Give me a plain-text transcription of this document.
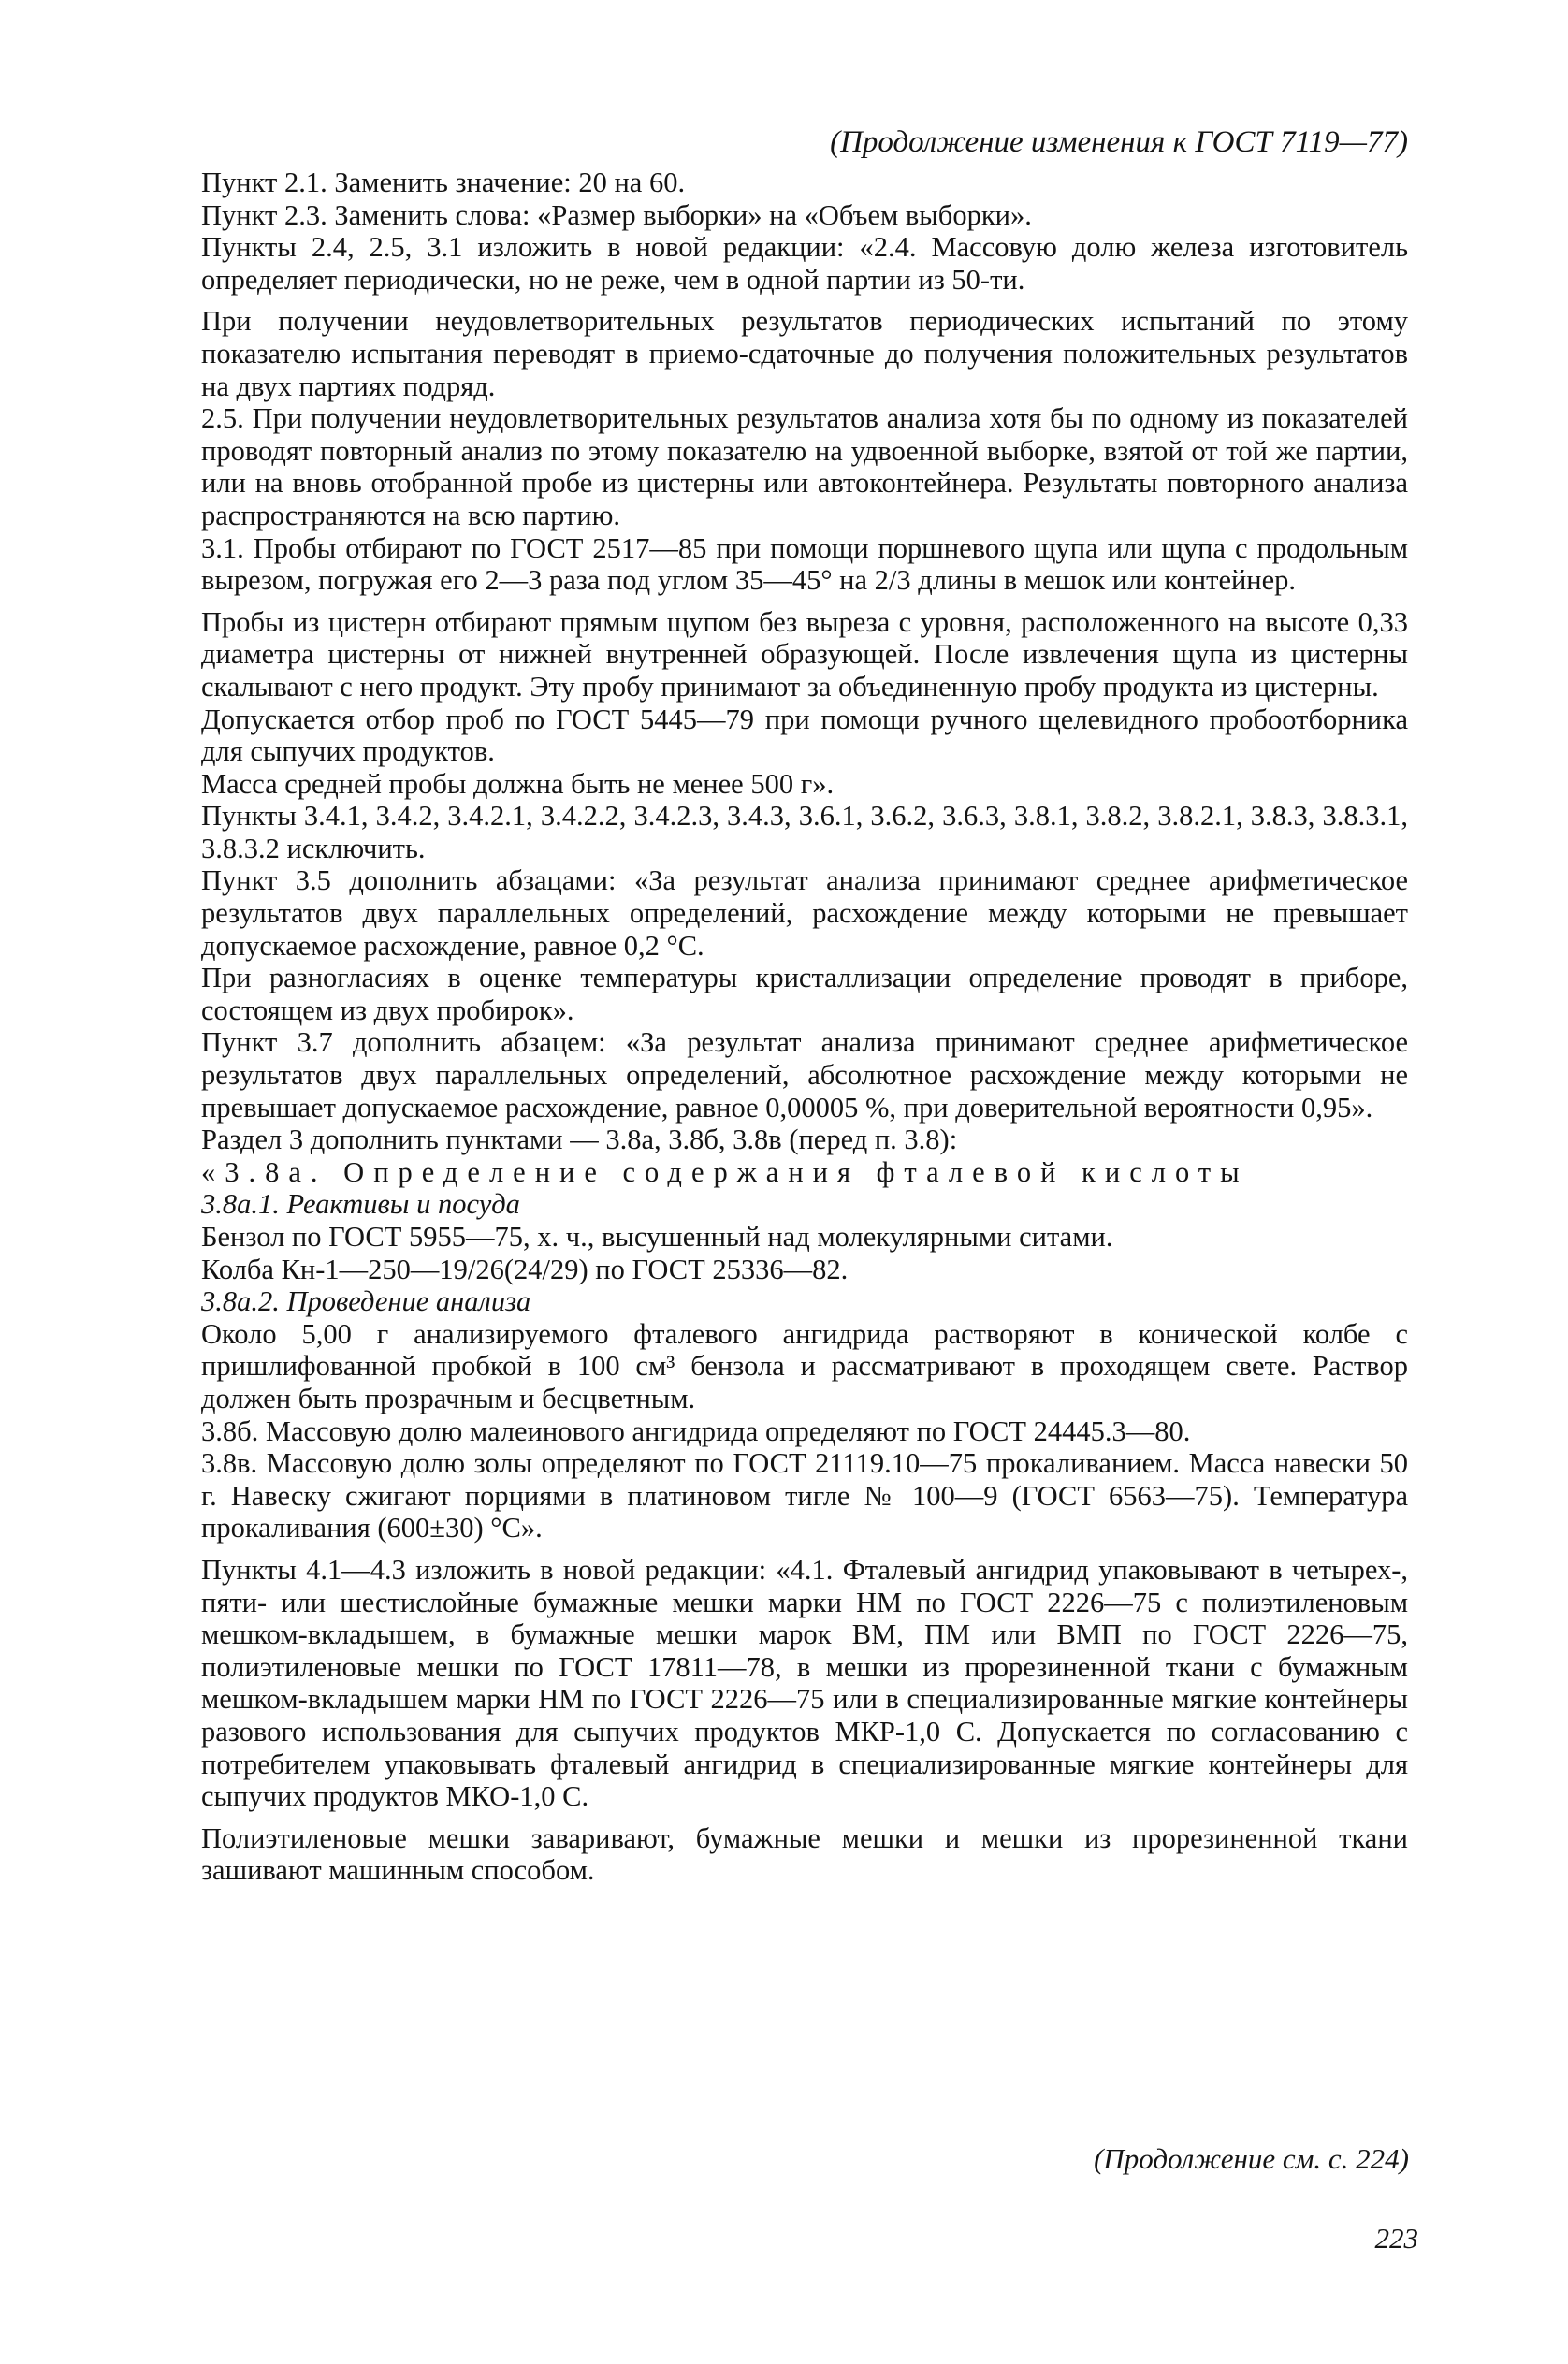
(Продолжение изменения к ГОСТ 7119—77)

Пункт 2.1. Заменить значение: 20 на 60.

Пункт 2.3. Заменить слова: «Размер выборки» на «Объем выборки».

Пункты 2.4, 2.5, 3.1 изложить в новой редакции: «2.4. Массовую долю железа изготовитель определяет периодически, но не реже, чем в одной партии из 50-ти.

При получении неудовлетворительных результатов периодических испытаний по этому показателю испытания переводят в приемо-сдаточные до получения положительных результатов на двух партиях подряд.

2.5. При получении неудовлетворительных результатов анализа хотя бы по одному из показателей проводят повторный анализ по этому показателю на удвоенной выборке, взятой от той же партии, или на вновь отобранной пробе из цистерны или автоконтейнера. Результаты повторного анализа распространяются на всю партию.

3.1. Пробы отбирают по ГОСТ 2517—85 при помощи поршневого щупа или щупа с продольным вырезом, погружая его 2—3 раза под углом 35—45° на 2/3 длины в мешок или контейнер.

Пробы из цистерн отбирают прямым щупом без выреза с уровня, расположенного на высоте 0,33 диаметра цистерны от нижней внутренней образующей. После извлечения щупа из цистерны скалывают с него продукт. Эту пробу принимают за объединенную пробу продукта из цистерны.

Допускается отбор проб по ГОСТ 5445—79 при помощи ручного щелевидного пробоотборника для сыпучих продуктов.

Масса средней пробы должна быть не менее 500 г».

Пункты 3.4.1, 3.4.2, 3.4.2.1, 3.4.2.2, 3.4.2.3, 3.4.3, 3.6.1, 3.6.2, 3.6.3, 3.8.1, 3.8.2, 3.8.2.1, 3.8.3, 3.8.3.1, 3.8.3.2 исключить.

Пункт 3.5 дополнить абзацами: «За результат анализа принимают среднее арифметическое результатов двух параллельных определений, расхождение между которыми не превышает допускаемое расхождение, равное 0,2 °С.

При разногласиях в оценке температуры кристаллизации определение проводят в приборе, состоящем из двух пробирок».

Пункт 3.7 дополнить абзацем: «За результат анализа принимают среднее арифметическое результатов двух параллельных определений, абсолютное расхождение между которыми не превышает допускаемое расхождение, равное 0,00005 %, при доверительной вероятности 0,95».

Раздел 3 дополнить пунктами — 3.8а, 3.8б, 3.8в (перед п. 3.8):

«3.8а. Определение содержания фталевой кислоты

3.8а.1. Реактивы и посуда

Бензол по ГОСТ 5955—75, х. ч., высушенный над молекулярными ситами.

Колба Кн-1—250—19/26(24/29) по ГОСТ 25336—82.

3.8а.2. Проведение анализа

Около 5,00 г анализируемого фталевого ангидрида растворяют в конической колбе с пришлифованной пробкой в 100 см³ бензола и рассматривают в проходящем свете. Раствор должен быть прозрачным и бесцветным.

3.8б. Массовую долю малеинового ангидрида определяют по ГОСТ 24445.3—80.

3.8в. Массовую долю золы определяют по ГОСТ 21119.10—75 прокаливанием. Масса навески 50 г. Навеску сжигают порциями в платиновом тигле № 100—9 (ГОСТ 6563—75). Температура прокаливания (600±30) °С».

Пункты 4.1—4.3 изложить в новой редакции: «4.1. Фталевый ангидрид упаковывают в четырех-, пяти- или шестислойные бумажные мешки марки НМ по ГОСТ 2226—75 с полиэтиленовым мешком-вкладышем, в бумажные мешки марок ВМ, ПМ или ВМП по ГОСТ 2226—75, полиэтиленовые мешки по ГОСТ 17811—78, в мешки из прорезиненной ткани с бумажным мешком-вкладышем марки НМ по ГОСТ 2226—75 или в специализированные мягкие контейнеры разового использования для сыпучих продуктов МКР-1,0 С. Допускается по согласованию с потребителем упаковывать фталевый ангидрид в специализированные мягкие контейнеры для сыпучих продуктов МКО-1,0 С.

Полиэтиленовые мешки заваривают, бумажные мешки и мешки из прорезиненной ткани зашивают машинным способом.

(Продолжение см. с. 224)
223
